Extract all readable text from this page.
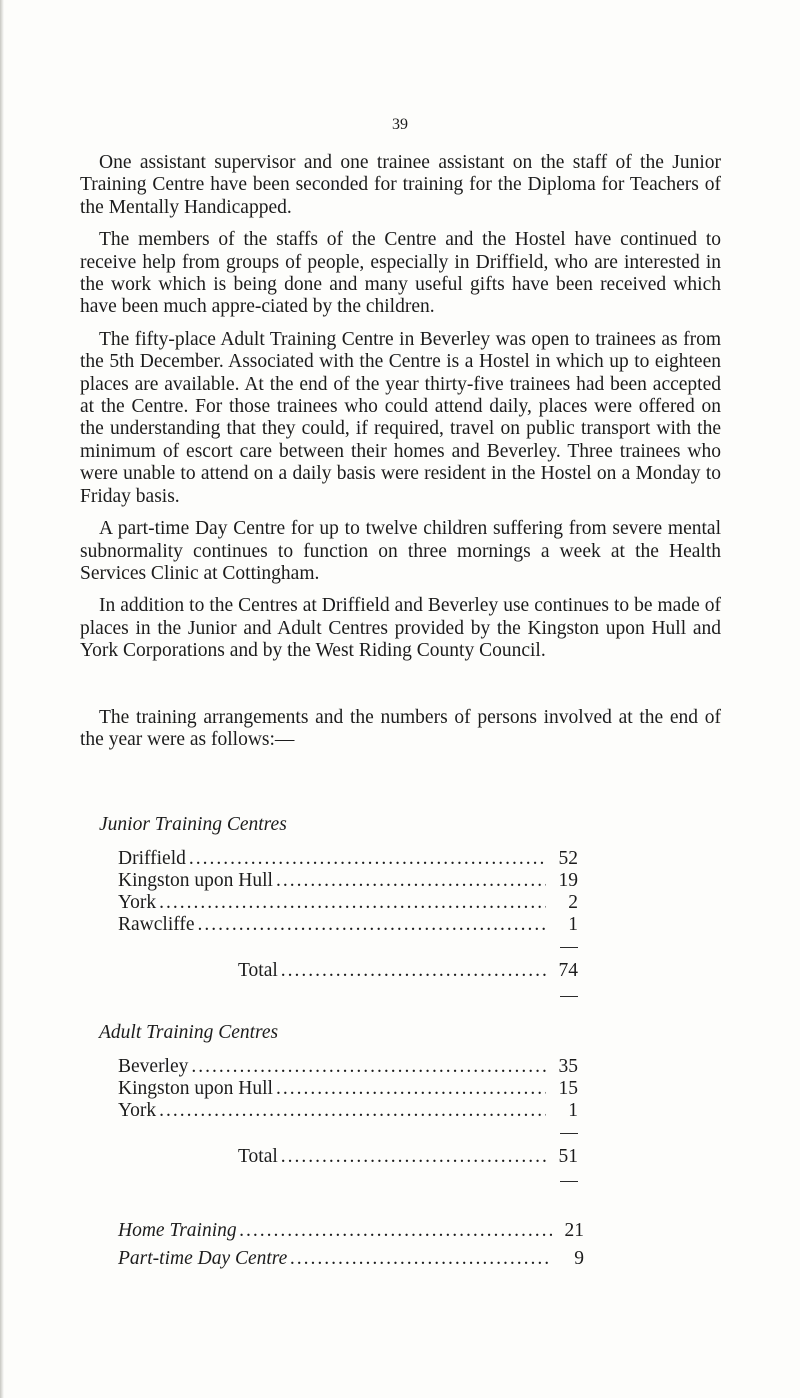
39

One assistant supervisor and one trainee assistant on the staff of the Junior Training Centre have been seconded for training for the Diploma for Teachers of the Mentally Handicapped.

The members of the staffs of the Centre and the Hostel have continued to receive help from groups of people, especially in Driffield, who are interested in the work which is being done and many useful gifts have been received which have been much appre-ciated by the children.

The fifty-place Adult Training Centre in Beverley was open to trainees as from the 5th December. Associated with the Centre is a Hostel in which up to eighteen places are available. At the end of the year thirty-five trainees had been accepted at the Centre. For those trainees who could attend daily, places were offered on the understanding that they could, if required, travel on public transport with the minimum of escort care between their homes and Beverley. Three trainees who were unable to attend on a daily basis were resident in the Hostel on a Monday to Friday basis.

A part-time Day Centre for up to twelve children suffering from severe mental subnormality continues to function on three mornings a week at the Health Services Clinic at Cottingham.

In addition to the Centres at Driffield and Beverley use continues to be made of places in the Junior and Adult Centres provided by the Kingston upon Hull and York Corporations and by the West Riding County Council.

The training arrangements and the numbers of persons involved at the end of the year were as follows:—

Junior Training Centres
Driffield .....	52
Kingston upon Hull .....	19
York .....	2
Rawcliffe .....	1
Total .....	74
Adult Training Centres
Beverley .....	35
Kingston upon Hull .....	15
York .....	1
Total .....	51
Home Training .....	21
Part-time Day Centre .....	9
